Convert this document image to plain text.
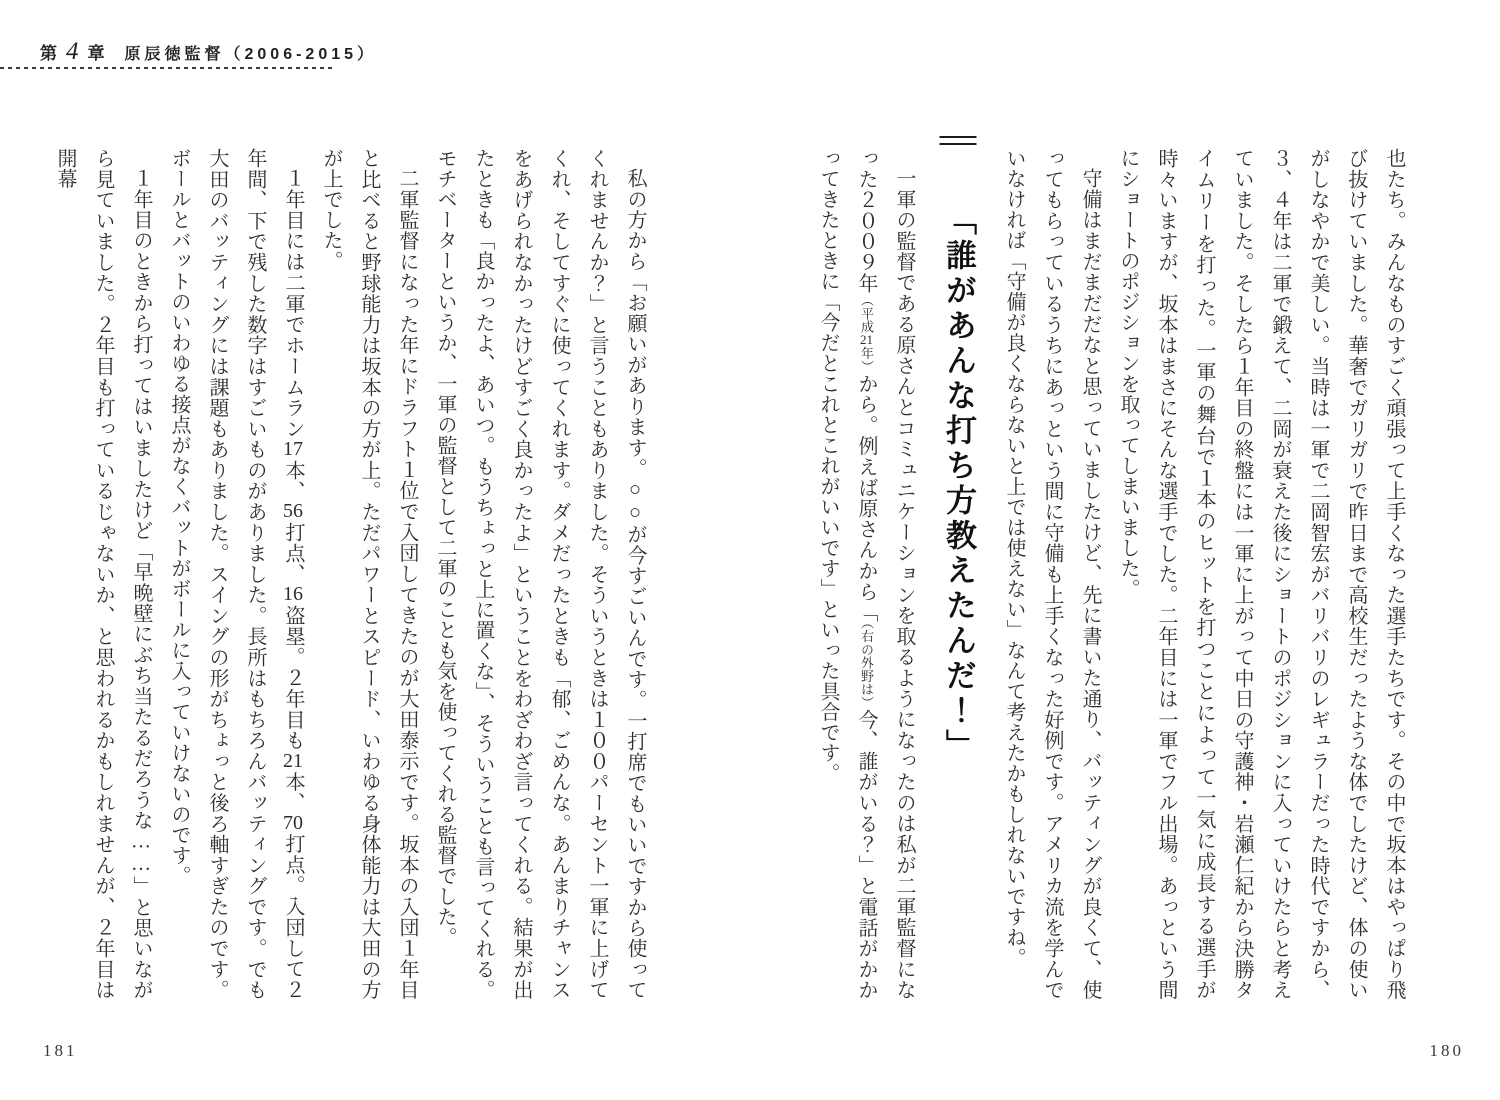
第 4 章 原辰徳監督（2006-2015）

也たち。みんなものすごく頑張って上手くなった選手たちです。その中で坂本はやっぱり飛び抜けていました。華奢でガリガリで昨日まで高校生だったような体でしたけど、体の使いがしなやかで美しい。当時は一軍で二岡智宏がバリバリのレギュラーだった時代ですから、３、４年は二軍で鍛えて、二岡が衰えた後にショートのポジションに入っていけたらと考えていました。そしたら１年目の終盤には一軍に上がって中日の守護神・岩瀬仁紀から決勝タイムリーを打った。一軍の舞台で１本のヒットを打つことによって一気に成長する選手が時々いますが、坂本はまさにそんな選手でした。二年目には一軍でフル出場。あっという間にショートのポジションを取ってしまいました。

守備はまだまだだなと思っていましたけど、先に書いた通り、バッティングが良くて、使ってもらっているうちにあっという間に守備も上手くなった好例です。アメリカ流を学んでいなければ「守備が良くならないと上では使えない」なんて考えたかもしれないですね。

「誰があんな打ち方教えたんだ！」

一軍の監督である原さんとコミュニケーションを取るようになったのは私が二軍監督になった２００９年（平成21年）から。例えば原さんから「（右の外野は）今、誰がいる？」と電話がかかってきたときに「今だとこれとこれがいいです」といった具合です。

私の方から「お願いがあります。○○が今すごいんです。一打席でもいいですから使ってくれませんか？」と言うこともありました。そういうときは１００パーセント一軍に上げてくれ、そしてすぐに使ってくれます。ダメだったときも「郁、ごめんな。あんまりチャンスをあげられなかったけどすごく良かったよ」ということをわざわざ言ってくれる。結果が出たときも「良かったよ、あいつ。もうちょっと上に置くな」、そういうことも言ってくれる。モチベーターというか、一軍の監督として二軍のことも気を使ってくれる監督でした。

二軍監督になった年にドラフト１位で入団してきたのが大田泰示です。坂本の入団１年目と比べると野球能力は坂本の方が上。ただパワーとスピード、いわゆる身体能力は大田の方が上でした。

１年目には二軍でホームラン17本、56打点、16盗塁。２年目も21本、70打点。入団して２年間、下で残した数字はすごいものがありました。長所はもちろんバッティングです。でも大田のバッティングには課題もありました。スイングの形がちょっと後ろ軸すぎたのです。ボールとバットのいわゆる接点がなくバットがボールに入っていけないのです。

１年目のときから打ってはいましたけど「早晩壁にぶち当たるだろうな……」と思いながら見ていました。２年目も打っているじゃないか、と思われるかもしれませんが、２年目は開幕

181	180
